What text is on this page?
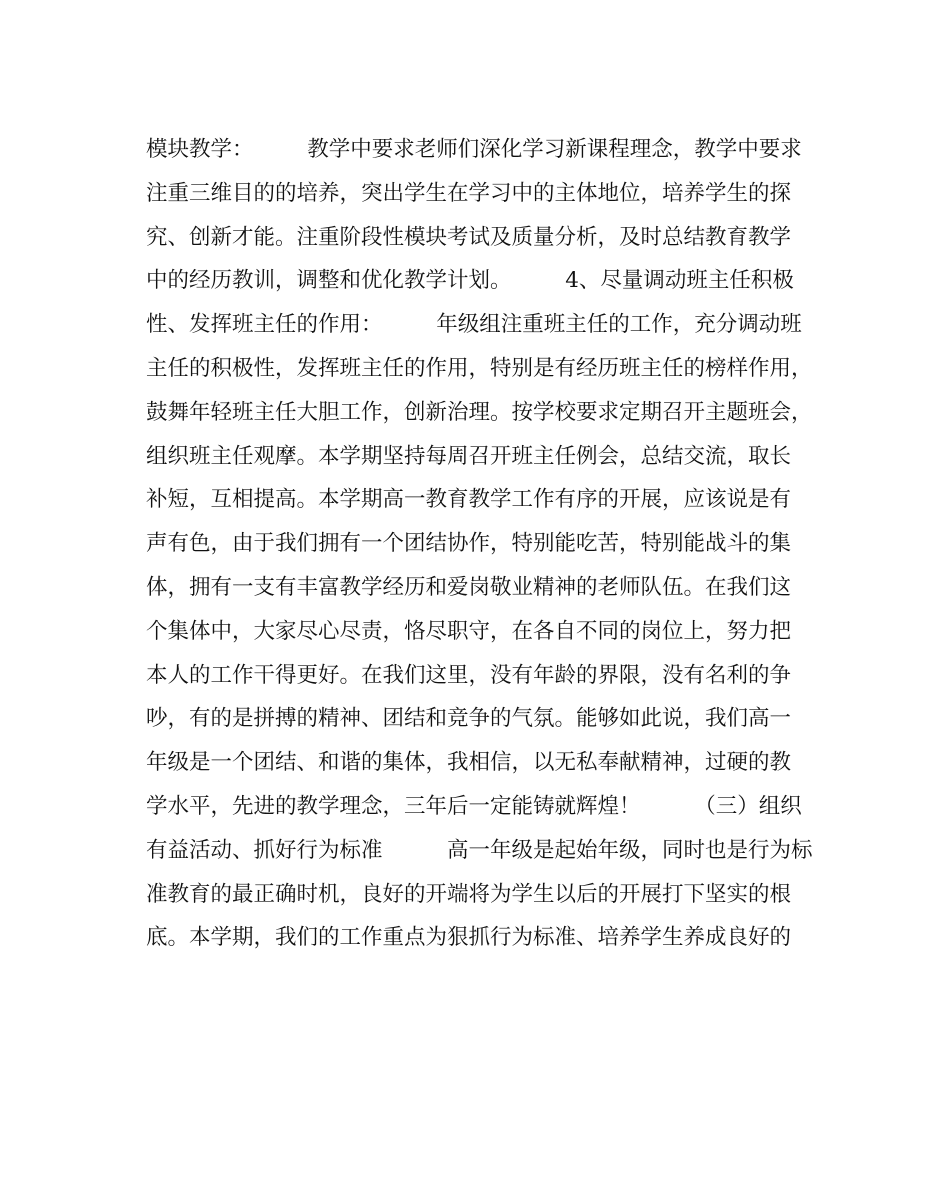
模块教学：　　　教学中要求老师们深化学习新课程理念，教学中要求
注重三维目的的培养，突出学生在学习中的主体地位，培养学生的探
究、创新才能。注重阶段性模块考试及质量分析，及时总结教育教学
中的经历教训，调整和优化教学计划。　　　4、尽量调动班主任积极
性、发挥班主任的作用：　　　年级组注重班主任的工作，充分调动班
主任的积极性，发挥班主任的作用，特别是有经历班主任的榜样作用，
鼓舞年轻班主任大胆工作，创新治理。按学校要求定期召开主题班会，
组织班主任观摩。本学期坚持每周召开班主任例会，总结交流，取长
补短，互相提高。本学期高一教育教学工作有序的开展，应该说是有
声有色，由于我们拥有一个团结协作，特别能吃苦，特别能战斗的集
体，拥有一支有丰富教学经历和爱岗敬业精神的老师队伍。在我们这
个集体中，大家尽心尽责，恪尽职守，在各自不同的岗位上，努力把
本人的工作干得更好。在我们这里，没有年龄的界限，没有名利的争
吵，有的是拼搏的精神、团结和竞争的气氛。能够如此说，我们高一
年级是一个团结、和谐的集体，我相信，以无私奉献精神，过硬的教
学水平，先进的教学理念，三年后一定能铸就辉煌！　　　（三）组织
有益活动、抓好行为标准　　　高一年级是起始年级，同时也是行为标
准教育的最正确时机，良好的开端将为学生以后的开展打下坚实的根
底。本学期，我们的工作重点为狠抓行为标准、培养学生养成良好的
